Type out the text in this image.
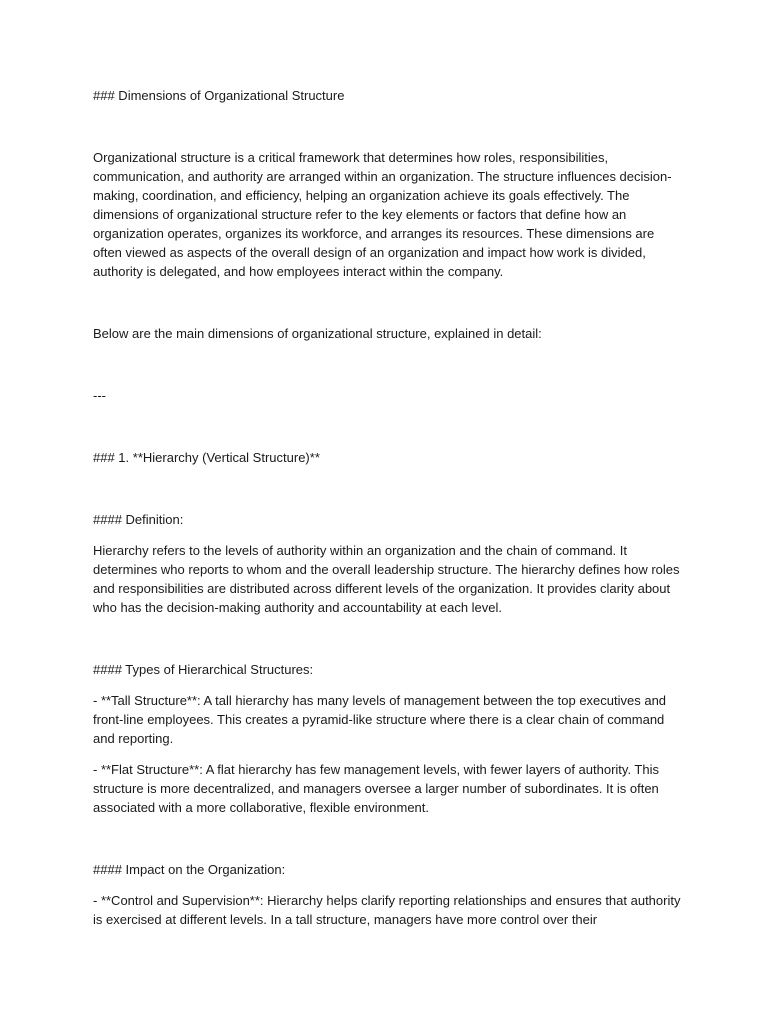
### Dimensions of Organizational Structure

Organizational structure is a critical framework that determines how roles, responsibilities, communication, and authority are arranged within an organization. The structure influences decision-making, coordination, and efficiency, helping an organization achieve its goals effectively. The dimensions of organizational structure refer to the key elements or factors that define how an organization operates, organizes its workforce, and arranges its resources. These dimensions are often viewed as aspects of the overall design of an organization and impact how work is divided, authority is delegated, and how employees interact within the company.

Below are the main dimensions of organizational structure, explained in detail:

---

### 1. **Hierarchy (Vertical Structure)**

#### Definition:

Hierarchy refers to the levels of authority within an organization and the chain of command. It determines who reports to whom and the overall leadership structure. The hierarchy defines how roles and responsibilities are distributed across different levels of the organization. It provides clarity about who has the decision-making authority and accountability at each level.

#### Types of Hierarchical Structures:

- **Tall Structure**: A tall hierarchy has many levels of management between the top executives and front-line employees. This creates a pyramid-like structure where there is a clear chain of command and reporting.

- **Flat Structure**: A flat hierarchy has few management levels, with fewer layers of authority. This structure is more decentralized, and managers oversee a larger number of subordinates. It is often associated with a more collaborative, flexible environment.

#### Impact on the Organization:

- **Control and Supervision**: Hierarchy helps clarify reporting relationships and ensures that authority is exercised at different levels. In a tall structure, managers have more control over their
